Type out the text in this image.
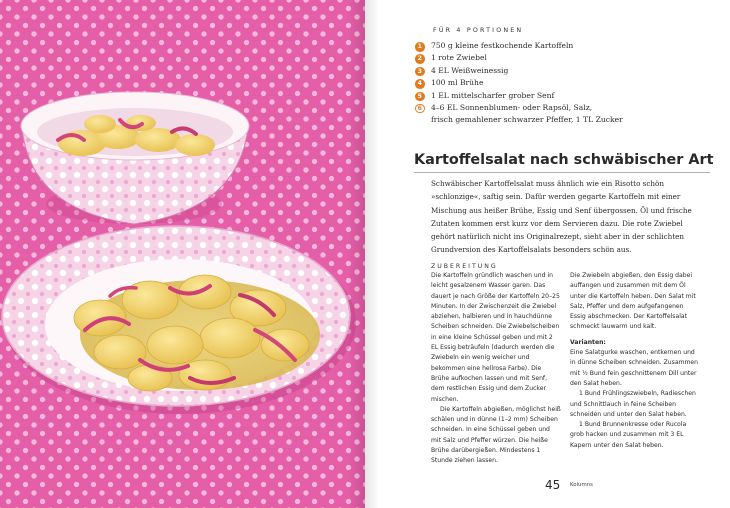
FÜR 4 PORTIONEN
1	750 g kleine festkochende Kartoffeln
2	1 rote Zwiebel
3	4 EL Weißweinessig
4	100 ml Brühe
5	1 EL mittelscharfer grober Senf
6	4–6 EL Sonnenblumen- oder Rapsöl, Salz,
frisch gemahlener schwarzer Pfeffer, 1 TL Zucker
Kartoffelsalat nach schwäbischer Art

Schwäbischer Kartoffelsalat muss ähnlich wie ein Risotto schön »schlonzige«, saftig sein. Dafür werden gegarte Kartoffeln mit einer Mischung aus heißer Brühe, Essig und Senf übergossen. Öl und frische Zutaten kommen erst kurz vor dem Servieren dazu. Die rote Zwiebel gehört natürlich nicht ins Originalrezept, sieht aber in der schlichten Grundversion des Kartoffelsalats besonders schön aus.

ZUBEREITUNG

Die Kartoffeln gründlich waschen und in leicht gesalzenem Wasser garen. Das dauert je nach Größe der Kartoffeln 20–25 Minuten. In der Zwischenzeit die Zwiebel abziehen, halbieren und in hauchdünne Scheiben schneiden. Die Zwiebelscheiben in eine kleine Schüssel geben und mit 2 EL Essig beträufeln (dadurch werden die Zwiebeln ein wenig weicher und bekommen eine hellrosa Farbe). Die Brühe aufkochen lassen und mit Senf, dem restlichen Essig und dem Zucker mischen.

Die Kartoffeln abgießen, möglichst heiß schälen und in dünne (1–2 mm) Scheiben schneiden. In eine Schüssel geben und mit Salz und Pfeffer würzen. Die heiße Brühe darübergießen. Mindestens 1 Stunde ziehen lassen.

Die Zwiebeln abgießen, den Essig dabei auffangen und zusammen mit dem Öl unter die Kartoffeln heben. Den Salat mit Salz, Pfeffer und dem aufgefangenen Essig abschmecken. Der Kartoffelsalat schmeckt lauwarm und kalt.

Varianten:

Eine Salatgurke waschen, entkernen und in dünne Scheiben schneiden. Zusammen mit ½ Bund fein geschnittenem Dill unter den Salat heben.

1 Bund Frühlingszwiebeln, Radieschen und Schnittlauch in feine Scheiben schneiden und unter den Salat heben.

1 Bund Brunnenkresse oder Rucola grob hacken und zusammen mit 3 EL Kapern unter den Salat heben.

45 Kolumns
